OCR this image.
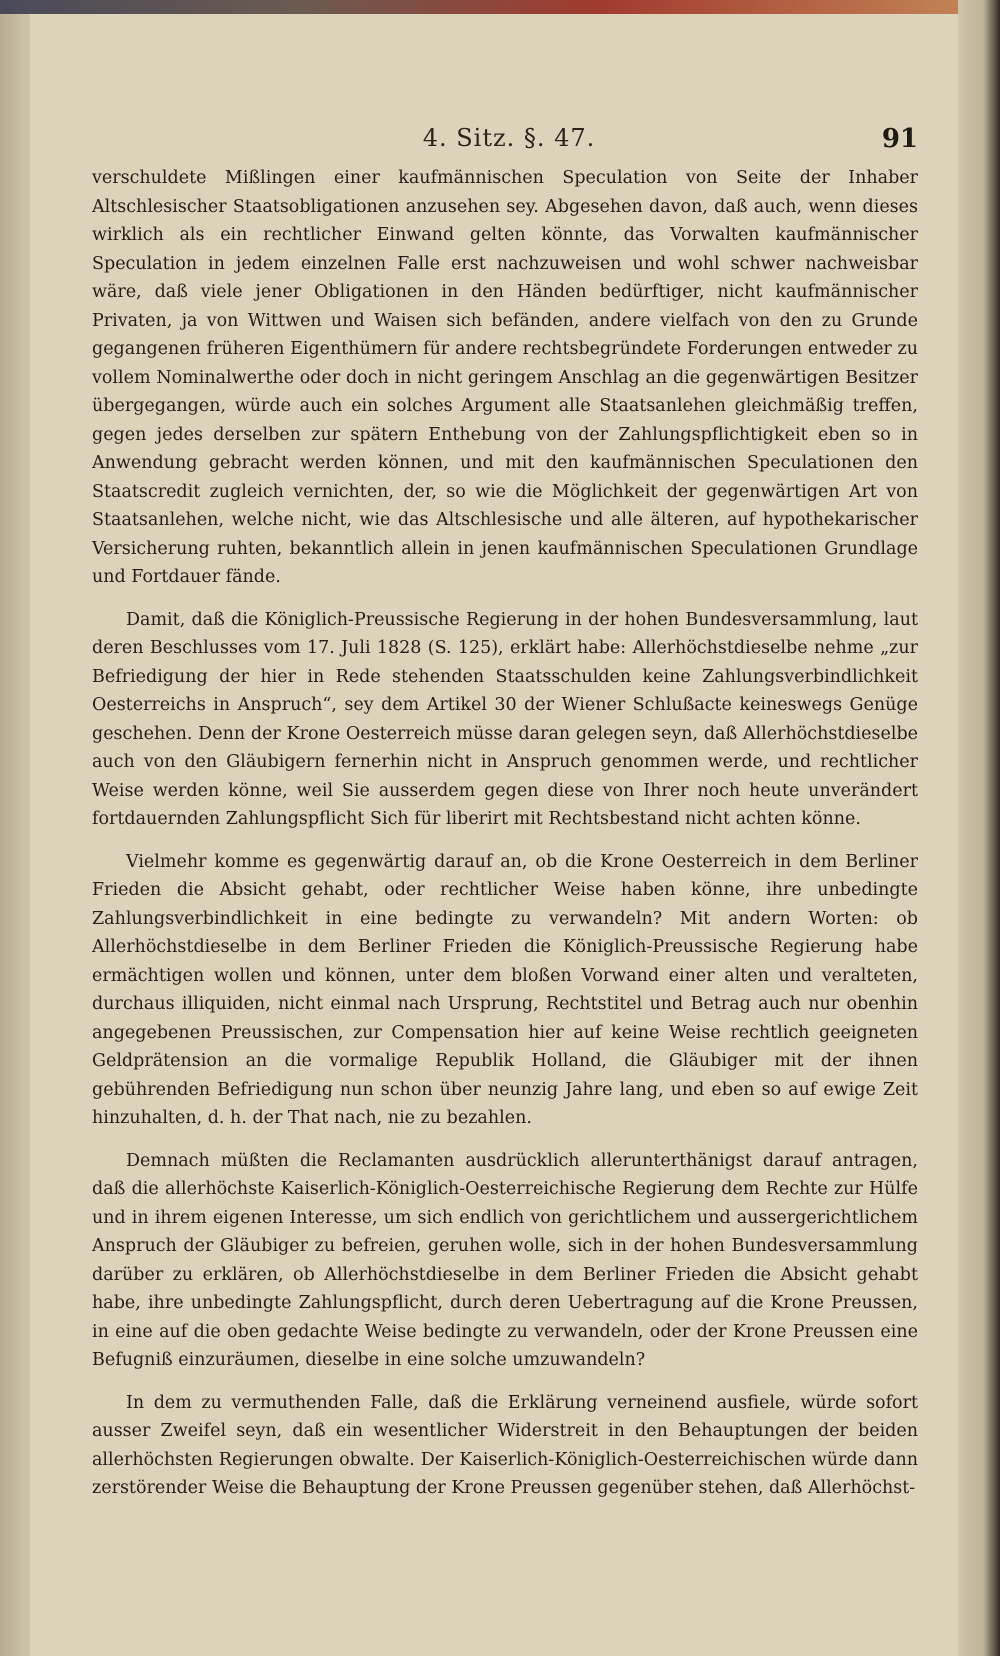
4. Sitz. §. 47.	91

verschuldete Mißlingen einer kaufmännischen Speculation von Seite der Inhaber Altschlesischer Staatsobligationen anzusehen sey. Abgesehen davon, daß auch, wenn dieses wirklich als ein rechtlicher Einwand gelten könnte, das Vorwalten kaufmännischer Speculation in jedem einzelnen Falle erst nachzuweisen und wohl schwer nachweisbar wäre, daß viele jener Obligationen in den Händen bedürftiger, nicht kaufmännischer Privaten, ja von Wittwen und Waisen sich befänden, andere vielfach von den zu Grunde gegangenen früheren Eigenthümern für andere rechtsbegründete Forderungen entweder zu vollem Nominalwerthe oder doch in nicht geringem Anschlag an die gegenwärtigen Besitzer übergegangen, würde auch ein solches Argument alle Staatsanlehen gleichmäßig treffen, gegen jedes derselben zur spätern Enthebung von der Zahlungspflichtigkeit eben so in Anwendung gebracht werden können, und mit den kaufmännischen Speculationen den Staatscredit zugleich vernichten, der, so wie die Möglichkeit der gegenwärtigen Art von Staatsanlehen, welche nicht, wie das Altschlesische und alle älteren, auf hypothekarischer Versicherung ruhten, bekanntlich allein in jenen kaufmännischen Speculationen Grundlage und Fortdauer fände.

Damit, daß die Königlich-Preussische Regierung in der hohen Bundesversammlung, laut deren Beschlusses vom 17. Juli 1828 (S. 125), erklärt habe: Allerhöchstdieselbe nehme „zur Befriedigung der hier in Rede stehenden Staatsschulden keine Zahlungsverbindlichkeit Oesterreichs in Anspruch“, sey dem Artikel 30 der Wiener Schlußacte keineswegs Genüge geschehen. Denn der Krone Oesterreich müsse daran gelegen seyn, daß Allerhöchstdieselbe auch von den Gläubigern fernerhin nicht in Anspruch genommen werde, und rechtlicher Weise werden könne, weil Sie ausserdem gegen diese von Ihrer noch heute unverändert fortdauernden Zahlungspflicht Sich für liberirt mit Rechtsbestand nicht achten könne.

Vielmehr komme es gegenwärtig darauf an, ob die Krone Oesterreich in dem Berliner Frieden die Absicht gehabt, oder rechtlicher Weise haben könne, ihre unbedingte Zahlungsverbindlichkeit in eine bedingte zu verwandeln? Mit andern Worten: ob Allerhöchstdieselbe in dem Berliner Frieden die Königlich-Preussische Regierung habe ermächtigen wollen und können, unter dem bloßen Vorwand einer alten und veralteten, durchaus illiquiden, nicht einmal nach Ursprung, Rechtstitel und Betrag auch nur obenhin angegebenen Preussischen, zur Compensation hier auf keine Weise rechtlich geeigneten Geldprätension an die vormalige Republik Holland, die Gläubiger mit der ihnen gebührenden Befriedigung nun schon über neunzig Jahre lang, und eben so auf ewige Zeit hinzuhalten, d. h. der That nach, nie zu bezahlen.

Demnach müßten die Reclamanten ausdrücklich allerunterthänigst darauf antragen, daß die allerhöchste Kaiserlich-Königlich-Oesterreichische Regierung dem Rechte zur Hülfe und in ihrem eigenen Interesse, um sich endlich von gerichtlichem und aussergerichtlichem Anspruch der Gläubiger zu befreien, geruhen wolle, sich in der hohen Bundesversammlung darüber zu erklären, ob Allerhöchstdieselbe in dem Berliner Frieden die Absicht gehabt habe, ihre unbedingte Zahlungspflicht, durch deren Uebertragung auf die Krone Preussen, in eine auf die oben gedachte Weise bedingte zu verwandeln, oder der Krone Preussen eine Befugniß einzuräumen, dieselbe in eine solche umzuwandeln?

In dem zu vermuthenden Falle, daß die Erklärung verneinend ausfiele, würde sofort ausser Zweifel seyn, daß ein wesentlicher Widerstreit in den Behauptungen der beiden allerhöchsten Regierungen obwalte. Der Kaiserlich-Königlich-Oesterreichischen würde dann zerstörender Weise die Behauptung der Krone Preussen gegenüber stehen, daß Allerhöchst-
